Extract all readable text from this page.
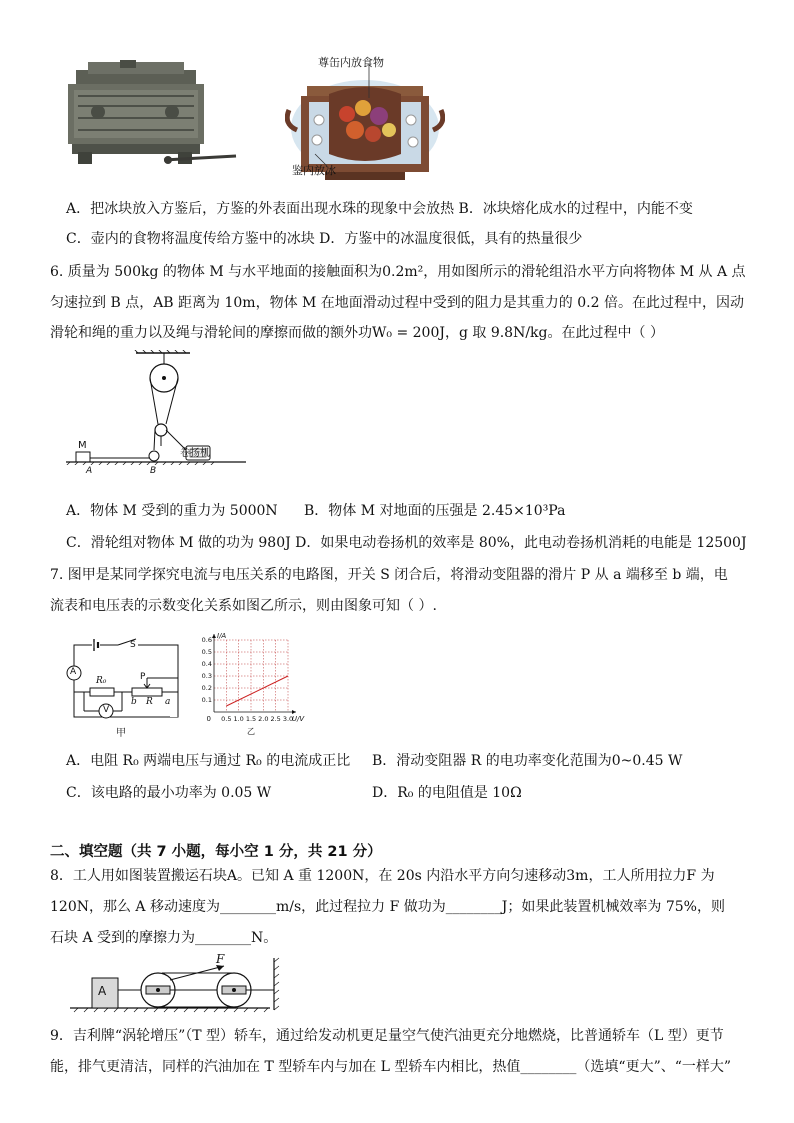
尊缶内放食物
鉴内放冰
A．把冰块放入方鉴后，方鉴的外表面出现水珠的现象中会放热 B．冰块熔化成水的过程中，内能不变
C．壶内的食物将温度传给方鉴中的冰块 D．方鉴中的冰温度很低，具有的热量很少
6. 质量为 500kg 的物体 M 与水平地面的接触面积为0.2m²，用如图所示的滑轮组沿水平方向将物体 M 从 A 点
匀速拉到 B 点，AB 距离为 10m，物体 M 在地面滑动过程中受到的阻力是其重力的 0.2 倍。在此过程中，因动
滑轮和绳的重力以及绳与滑轮间的摩擦而做的额外功W₀ = 200J，g 取 9.8N/kg。在此过程中（ ）
卷扬机
M
A	B
A．物体 M 受到的重力为 5000N B．物体 M 对地面的压强是 2.45×10³Pa
C．滑轮组对物体 M 做的功为 980J D．如果电动卷扬机的效率是 80%，此电动卷扬机消耗的电能是 12500J
7. 图甲是某同学探究电流与电压关系的电路图，开关 S 闭合后，将滑动变阻器的滑片 P 从 a 端移至 b 端，电
流表和电压表的示数变化关系如图乙所示，则由图象可知（ ）.
S
A
V
R₀	P
b R a
甲
0.5 1.0 1.5 2.0 2.5 3.0
0.1
0.2
0.3
0.4
0.5
0.6
I/A
U/V
0
乙
A．电阻 R₀ 两端电压与通过 R₀ 的电流成正比 B．滑动变阻器 R 的电功率变化范围为0~0.45 W
C．该电路的最小功率为 0.05 W	D．R₀ 的电阻值是 10Ω
二、填空题（共 7 小题，每小空 1 分，共 21 分）
8．工人用如图装置搬运石块A。已知 A 重 1200N，在 20s 内沿水平方向匀速移动3m，工人所用拉力F 为
120N，那么 A 移动速度为________m/s，此过程拉力 F 做功为________J；如果此装置机械效率为 75%，则
石块 A 受到的摩擦力为________N。
A
F
9．吉利牌“涡轮增压”（T 型）轿车，通过给发动机更足量空气使汽油更充分地燃烧，比普通轿车（L 型）更节
能，排气更清洁，同样的汽油加在 T 型轿车内与加在 L 型轿车内相比，热值________（选填“更大”、“一样大”
